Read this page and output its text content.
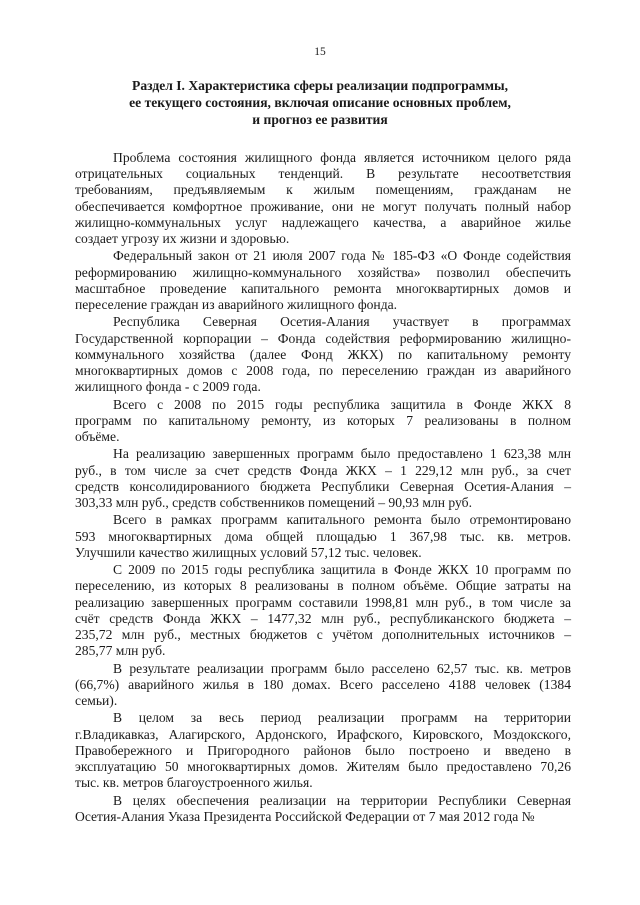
15
Раздел I. Характеристика сферы реализации подпрограммы,
ее текущего состояния, включая описание основных проблем,
и прогноз ее развития
Проблема состояния жилищного фонда является источником целого ряда
отрицательных социальных тенденций. В результате несоответствия
требованиям, предъявляемым к жилым помещениям, гражданам не
обеспечивается комфортное проживание, они не могут получать полный набор
жилищно-коммунальных услуг надлежащего качества, а аварийное жилье
создает угрозу их жизни и здоровью.
Федеральный закон от 21 июля 2007 года № 185-ФЗ «О Фонде содействия
реформированию жилищно-коммунального хозяйства» позволил обеспечить
масштабное проведение капитального ремонта многоквартирных домов и
переселение граждан из аварийного жилищного фонда.
Республика Северная Осетия-Алания участвует в программах
Государственной корпорации – Фонда содействия реформированию жилищно-
коммунального хозяйства (далее Фонд ЖКХ) по капитальному ремонту
многоквартирных домов с 2008 года, по переселению граждан из аварийного
жилищного фонда - с 2009 года.
Всего с 2008 по 2015 годы республика защитила в Фонде ЖКХ 8
программ по капитальному ремонту, из которых 7 реализованы в полном
объёме.
На реализацию завершенных программ было предоставлено 1 623,38 млн
руб., в том числе за счет средств Фонда ЖКХ – 1 229,12 млн руб., за счет
средств консолидированиого бюджета Республики Северная Осетия-Алания –
303,33 млн руб., средств собственников помещений – 90,93 млн руб.
Всего в рамках программ капитального ремонта было отремонтировано
593 многоквартирных дома общей площадью 1 367,98 тыс. кв. метров.
Улучшили качество жилищных условий 57,12 тыс. человек.
С 2009 по 2015 годы республика защитила в Фонде ЖКХ 10 программ по
переселению, из которых 8 реализованы в полном объёме. Общие затраты на
реализацию завершенных программ составили 1998,81 млн руб., в том числе за
счёт средств Фонда ЖКХ – 1477,32 млн руб., республиканского бюджета –
235,72 млн руб., местных бюджетов с учётом дополнительных источников –
285,77 млн руб.
В результате реализации программ было расселено 62,57 тыс. кв. метров
(66,7%) аварийного жилья в 180 домах. Всего расселено 4188 человек (1384
семьи).
В целом за весь период реализации программ на территории
г.Владикавказ, Алагирского, Ардонского, Ирафского, Кировского, Моздокского,
Правобережного и Пригородного районов было построено и введено в
эксплуатацию 50 многоквартирных домов. Жителям было предоставлено 70,26
тыс. кв. метров благоустроенного жилья.
В целях обеспечения реализации на территории Республики Северная
Осетия-Алания Указа Президента Российской Федерации от 7 мая 2012 года №
